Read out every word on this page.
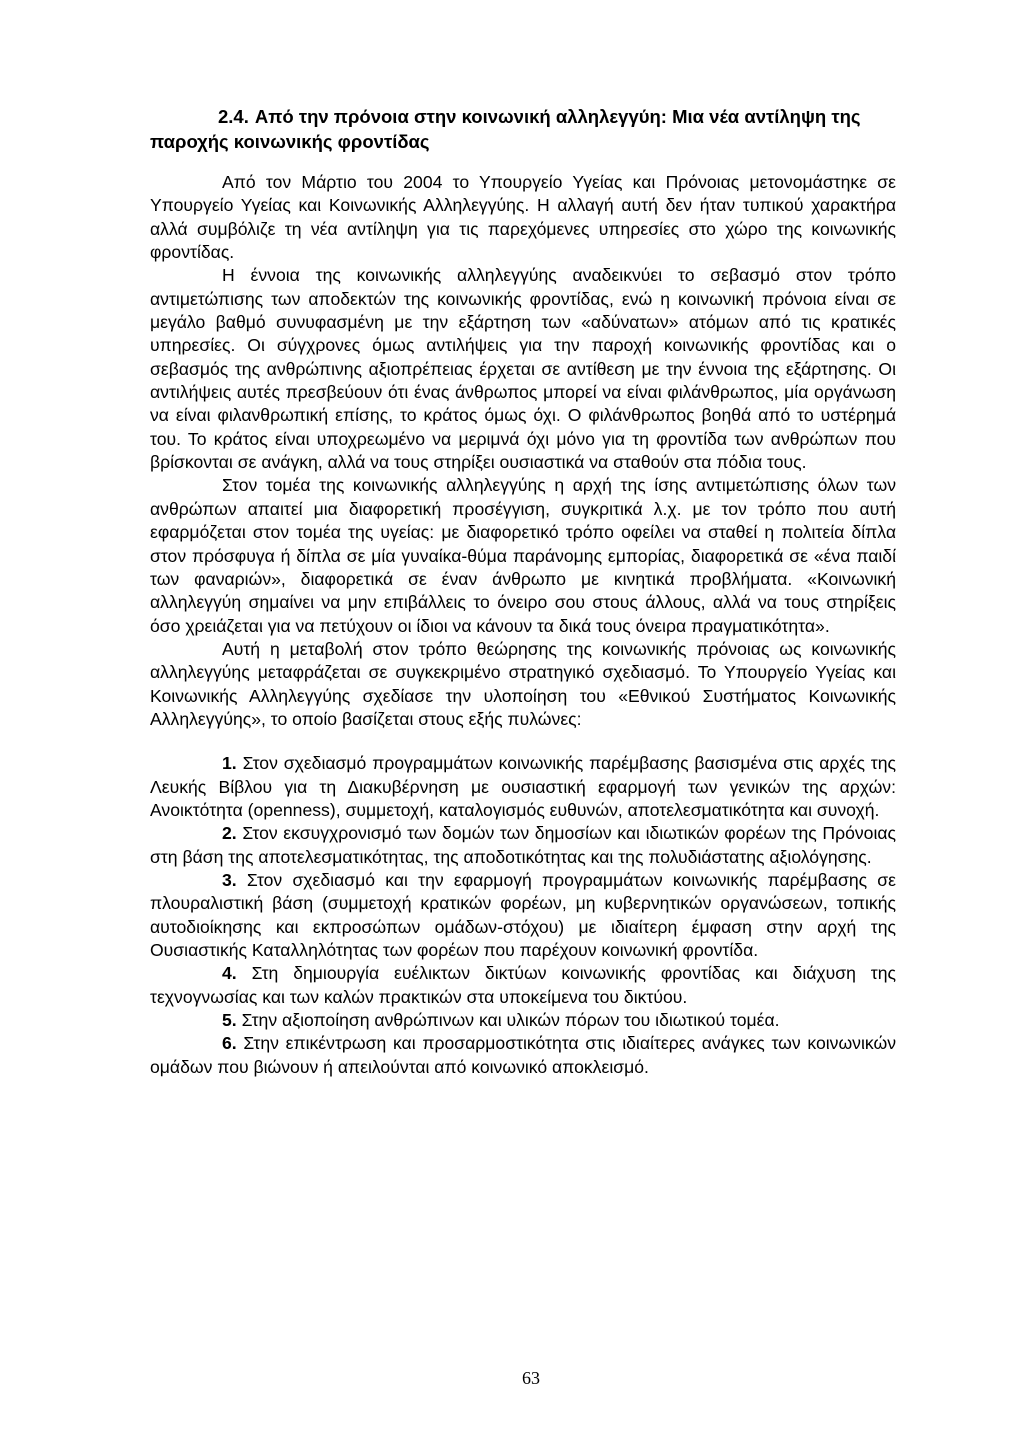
2.4. Από την πρόνοια στην κοινωνική αλληλεγγύη: Μια νέα αντίληψη της παροχής κοινωνικής φροντίδας

Από τον Μάρτιο του 2004 το Υπουργείο Υγείας και Πρόνοιας μετονομάστηκε σε Υπουργείο Υγείας και Κοινωνικής Αλληλεγγύης. Η αλλαγή αυτή δεν ήταν τυπικού χαρακτήρα αλλά συμβόλιζε τη νέα αντίληψη για τις παρεχόμενες υπηρεσίες στο χώρο της κοινωνικής φροντίδας.

Η έννοια της κοινωνικής αλληλεγγύης αναδεικνύει το σεβασμό στον τρόπο αντιμετώπισης των αποδεκτών της κοινωνικής φροντίδας, ενώ η κοινωνική πρόνοια είναι σε μεγάλο βαθμό συνυφασμένη με την εξάρτηση των «αδύνατων» ατόμων από τις κρατικές υπηρεσίες. Οι σύγχρονες όμως αντιλήψεις για την παροχή κοινωνικής φροντίδας και ο σεβασμός της ανθρώπινης αξιοπρέπειας έρχεται σε αντίθεση με την έννοια της εξάρτησης. Οι αντιλήψεις αυτές πρεσβεύουν ότι ένας άνθρωπος μπορεί να είναι φιλάνθρωπος, μία οργάνωση να είναι φιλανθρωπική επίσης, το κράτος όμως όχι. Ο φιλάνθρωπος βοηθά από το υστέρημά του. Το κράτος είναι υποχρεωμένο να μεριμνά όχι μόνο για τη φροντίδα των ανθρώπων που βρίσκονται σε ανάγκη, αλλά να τους στηρίξει ουσιαστικά να σταθούν στα πόδια τους.

Στον τομέα της κοινωνικής αλληλεγγύης η αρχή της ίσης αντιμετώπισης όλων των ανθρώπων απαιτεί μια διαφορετική προσέγγιση, συγκριτικά λ.χ. με τον τρόπο που αυτή εφαρμόζεται στον τομέα της υγείας: με διαφορετικό τρόπο οφείλει να σταθεί η πολιτεία δίπλα στον πρόσφυγα ή δίπλα σε μία γυναίκα-θύμα παράνομης εμπορίας, διαφορετικά σε «ένα παιδί των φαναριών», διαφορετικά σε έναν άνθρωπο με κινητικά προβλήματα. «Κοινωνική αλληλεγγύη σημαίνει να μην επιβάλλεις το όνειρο σου στους άλλους, αλλά να τους στηρίξεις όσο χρειάζεται για να πετύχουν οι ίδιοι να κάνουν τα δικά τους όνειρα πραγματικότητα».

Αυτή η μεταβολή στον τρόπο θεώρησης της κοινωνικής πρόνοιας ως κοινωνικής αλληλεγγύης μεταφράζεται σε συγκεκριμένο στρατηγικό σχεδιασμό. Το Υπουργείο Υγείας και Κοινωνικής Αλληλεγγύης σχεδίασε την υλοποίηση του «Εθνικού Συστήματος Κοινωνικής Αλληλεγγύης», το οποίο βασίζεται στους εξής πυλώνες:

1. Στον σχεδιασμό προγραμμάτων κοινωνικής παρέμβασης βασισμένα στις αρχές της Λευκής Βίβλου για τη Διακυβέρνηση με ουσιαστική εφαρμογή των γενικών της αρχών: Ανοικτότητα (openness), συμμετοχή, καταλογισμός ευθυνών, αποτελεσματικότητα και συνοχή.
2. Στον εκσυγχρονισμό των δομών των δημοσίων και ιδιωτικών φορέων της Πρόνοιας στη βάση της αποτελεσματικότητας, της αποδοτικότητας και της πολυδιάστατης αξιολόγησης.
3. Στον σχεδιασμό και την εφαρμογή προγραμμάτων κοινωνικής παρέμβασης σε πλουραλιστική βάση (συμμετοχή κρατικών φορέων, μη κυβερνητικών οργανώσεων, τοπικής αυτοδιοίκησης και εκπροσώπων ομάδων-στόχου) με ιδιαίτερη έμφαση στην αρχή της Ουσιαστικής Καταλληλότητας των φορέων που παρέχουν κοινωνική φροντίδα.
4. Στη δημιουργία ευέλικτων δικτύων κοινωνικής φροντίδας και διάχυση της τεχνογνωσίας και των καλών πρακτικών στα υποκείμενα του δικτύου.
5. Στην αξιοποίηση ανθρώπινων και υλικών πόρων του ιδιωτικού τομέα.
6. Στην επικέντρωση και προσαρμοστικότητα στις ιδιαίτερες ανάγκες των κοινωνικών ομάδων που βιώνουν ή απειλούνται από κοινωνικό αποκλεισμό.
63
